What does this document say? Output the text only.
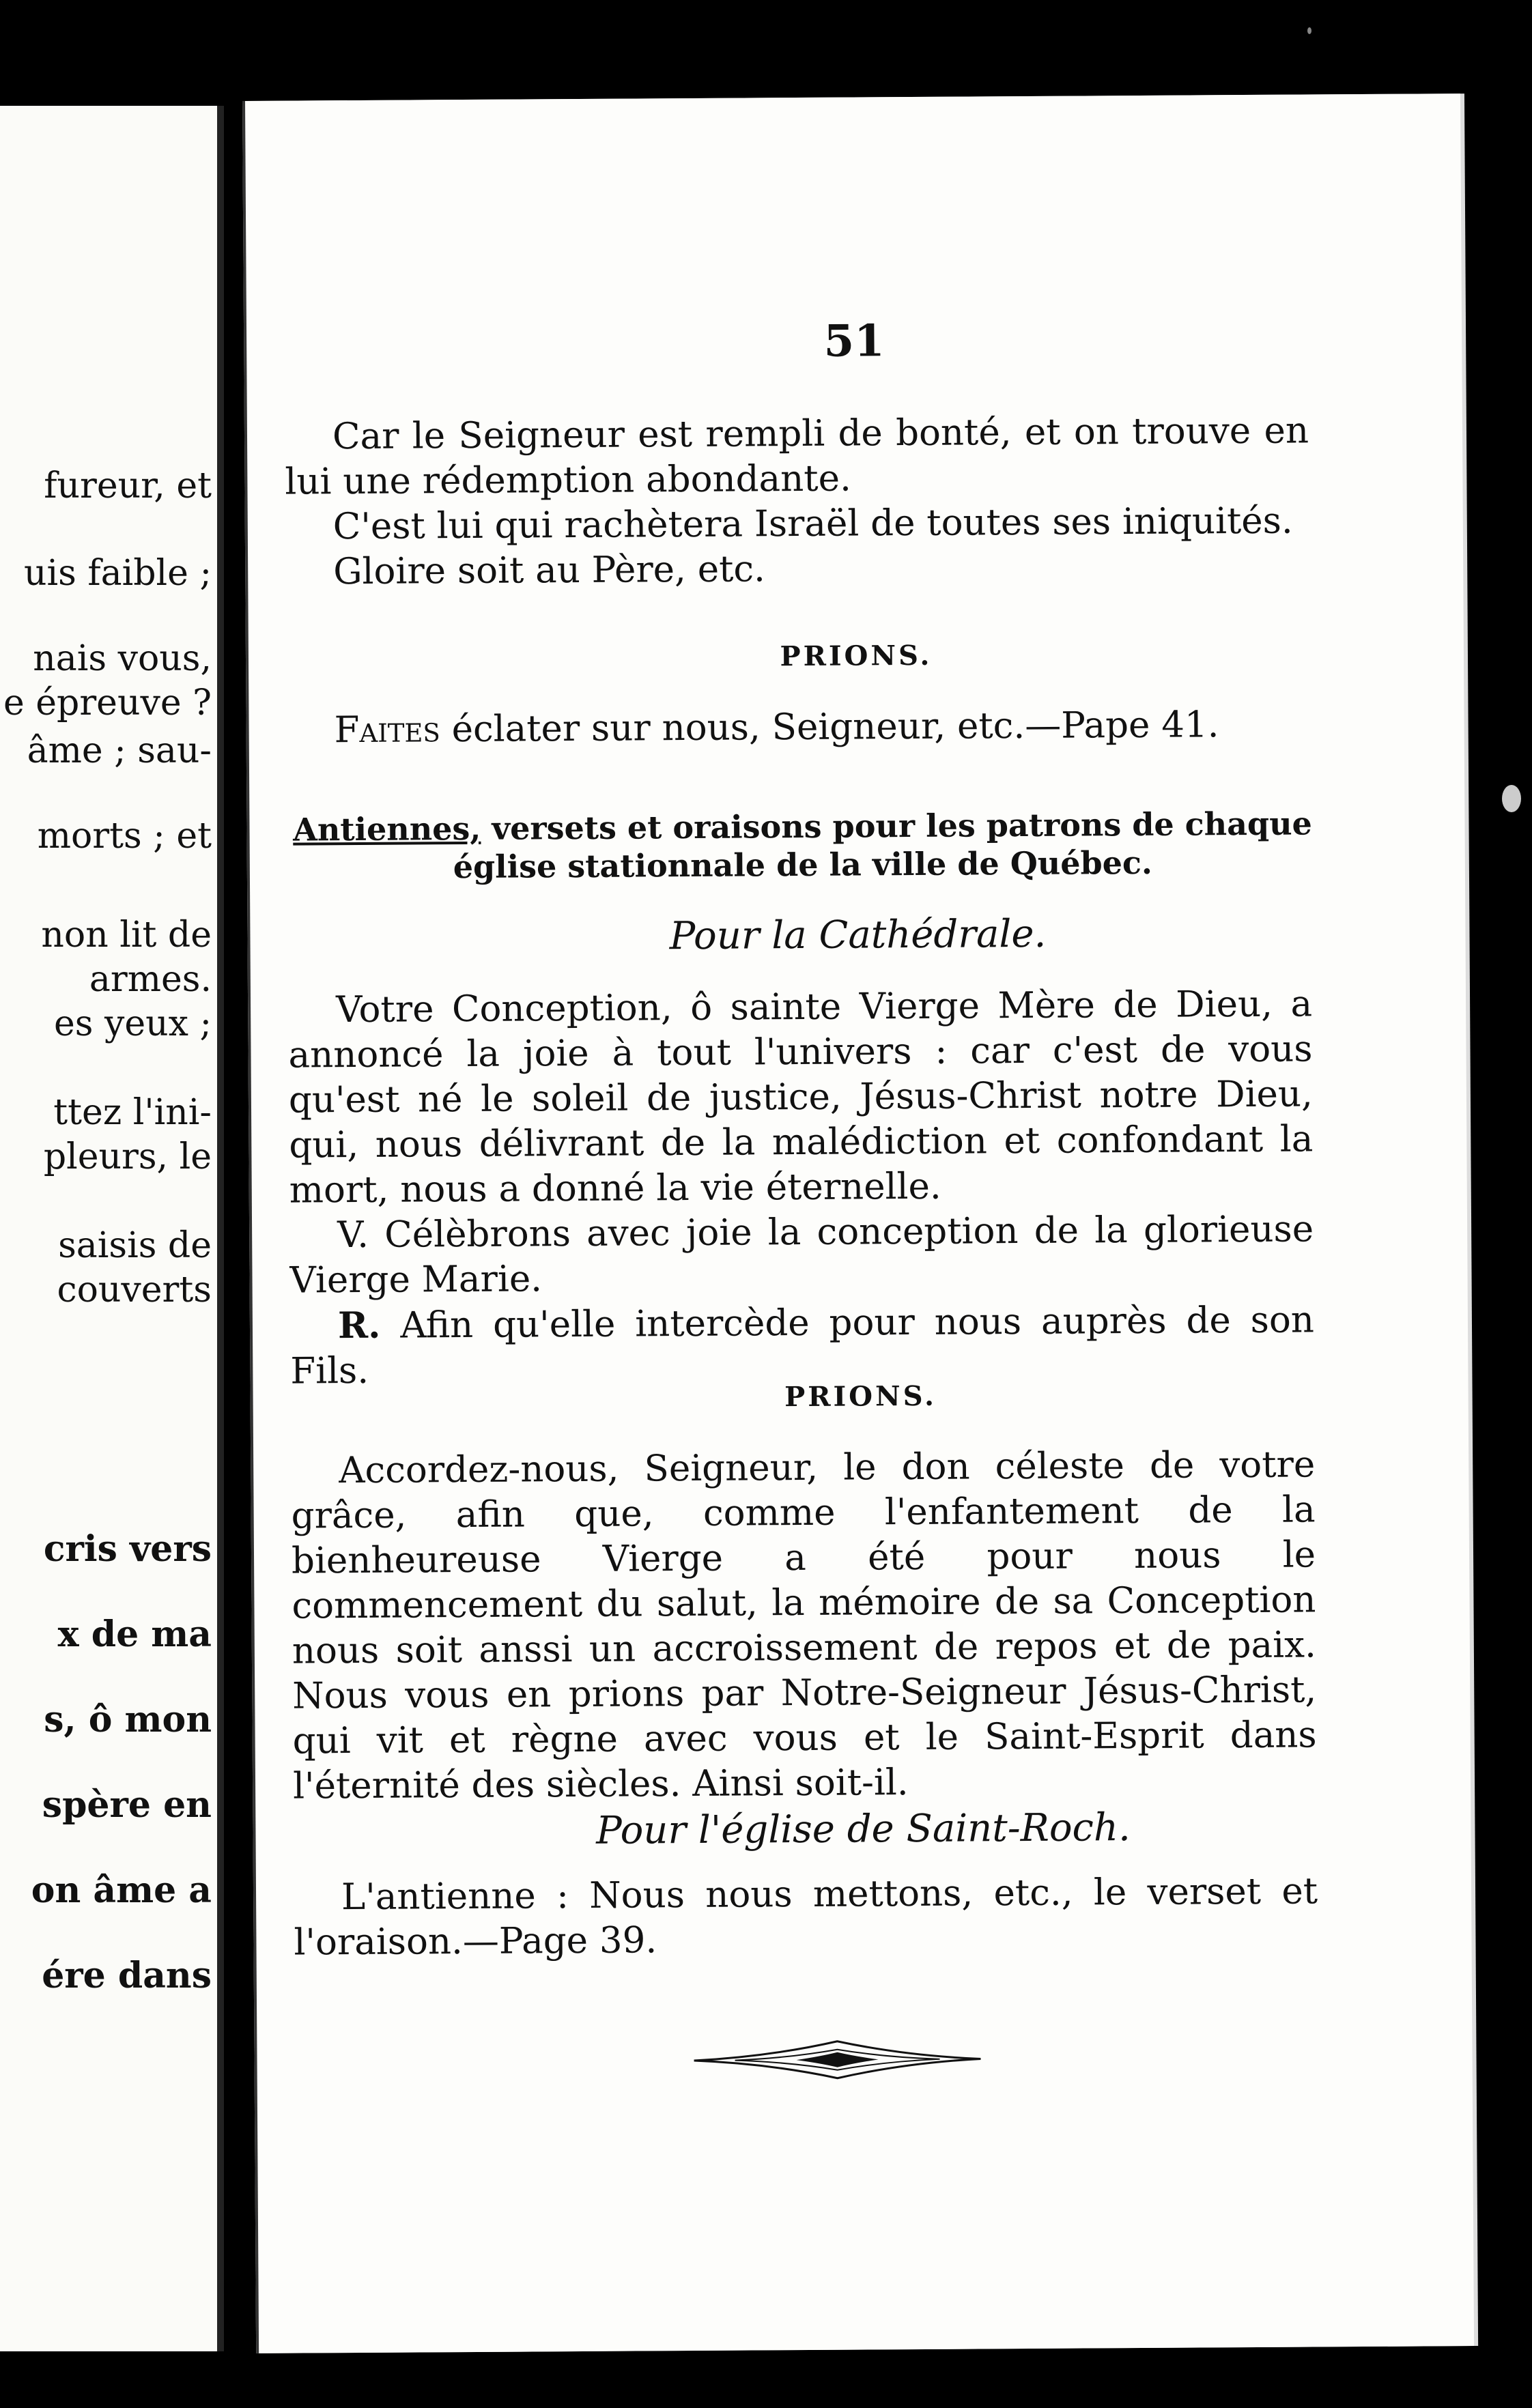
fureur, et
uis faible ;
nais vous,
e épreuve ?
âme ; sau-
morts ; et
non lit de
armes.
es yeux ;
ttez l'ini-
pleurs, le
saisis de
couverts
cris vers
x de ma
s, ô mon
spère en
on âme a
ére dans
51

Car le Seigneur est rempli de bonté, et on trouve en lui une rédemption abondante.

C'est lui qui rachètera Israël de toutes ses iniquités.

Gloire soit au Père, etc.

PRIONS.

Faites éclater sur nous, Seigneur, etc.—Pape 41.

Antiennes, versets et oraisons pour les patrons de chaque église stationnale de la ville de Québec.
Pour la Cathédrale.

Votre Conception, ô sainte Vierge Mère de Dieu, a annoncé la joie à tout l'univers : car c'est de vous qu'est né le soleil de justice, Jésus-Christ notre Dieu, qui, nous délivrant de la malédiction et confondant la mort, nous a donné la vie éternelle.

V. Célèbrons avec joie la conception de la glorieuse Vierge Marie.

R. Afin qu'elle intercède pour nous auprès de son Fils.

PRIONS.

Accordez-nous, Seigneur, le don céleste de votre grâce, afin que, comme l'enfantement de la bienheureuse Vierge a été pour nous le commencement du salut, la mémoire de sa Conception nous soit anssi un accroissement de repos et de paix. Nous vous en prions par Notre-Seigneur Jésus-Christ, qui vit et règne avec vous et le Saint-Esprit dans l'éternité des siècles. Ainsi soit-il.

Pour l'église de Saint-Roch.

L'antienne : Nous nous mettons, etc., le verset et l'oraison.—Page 39.
